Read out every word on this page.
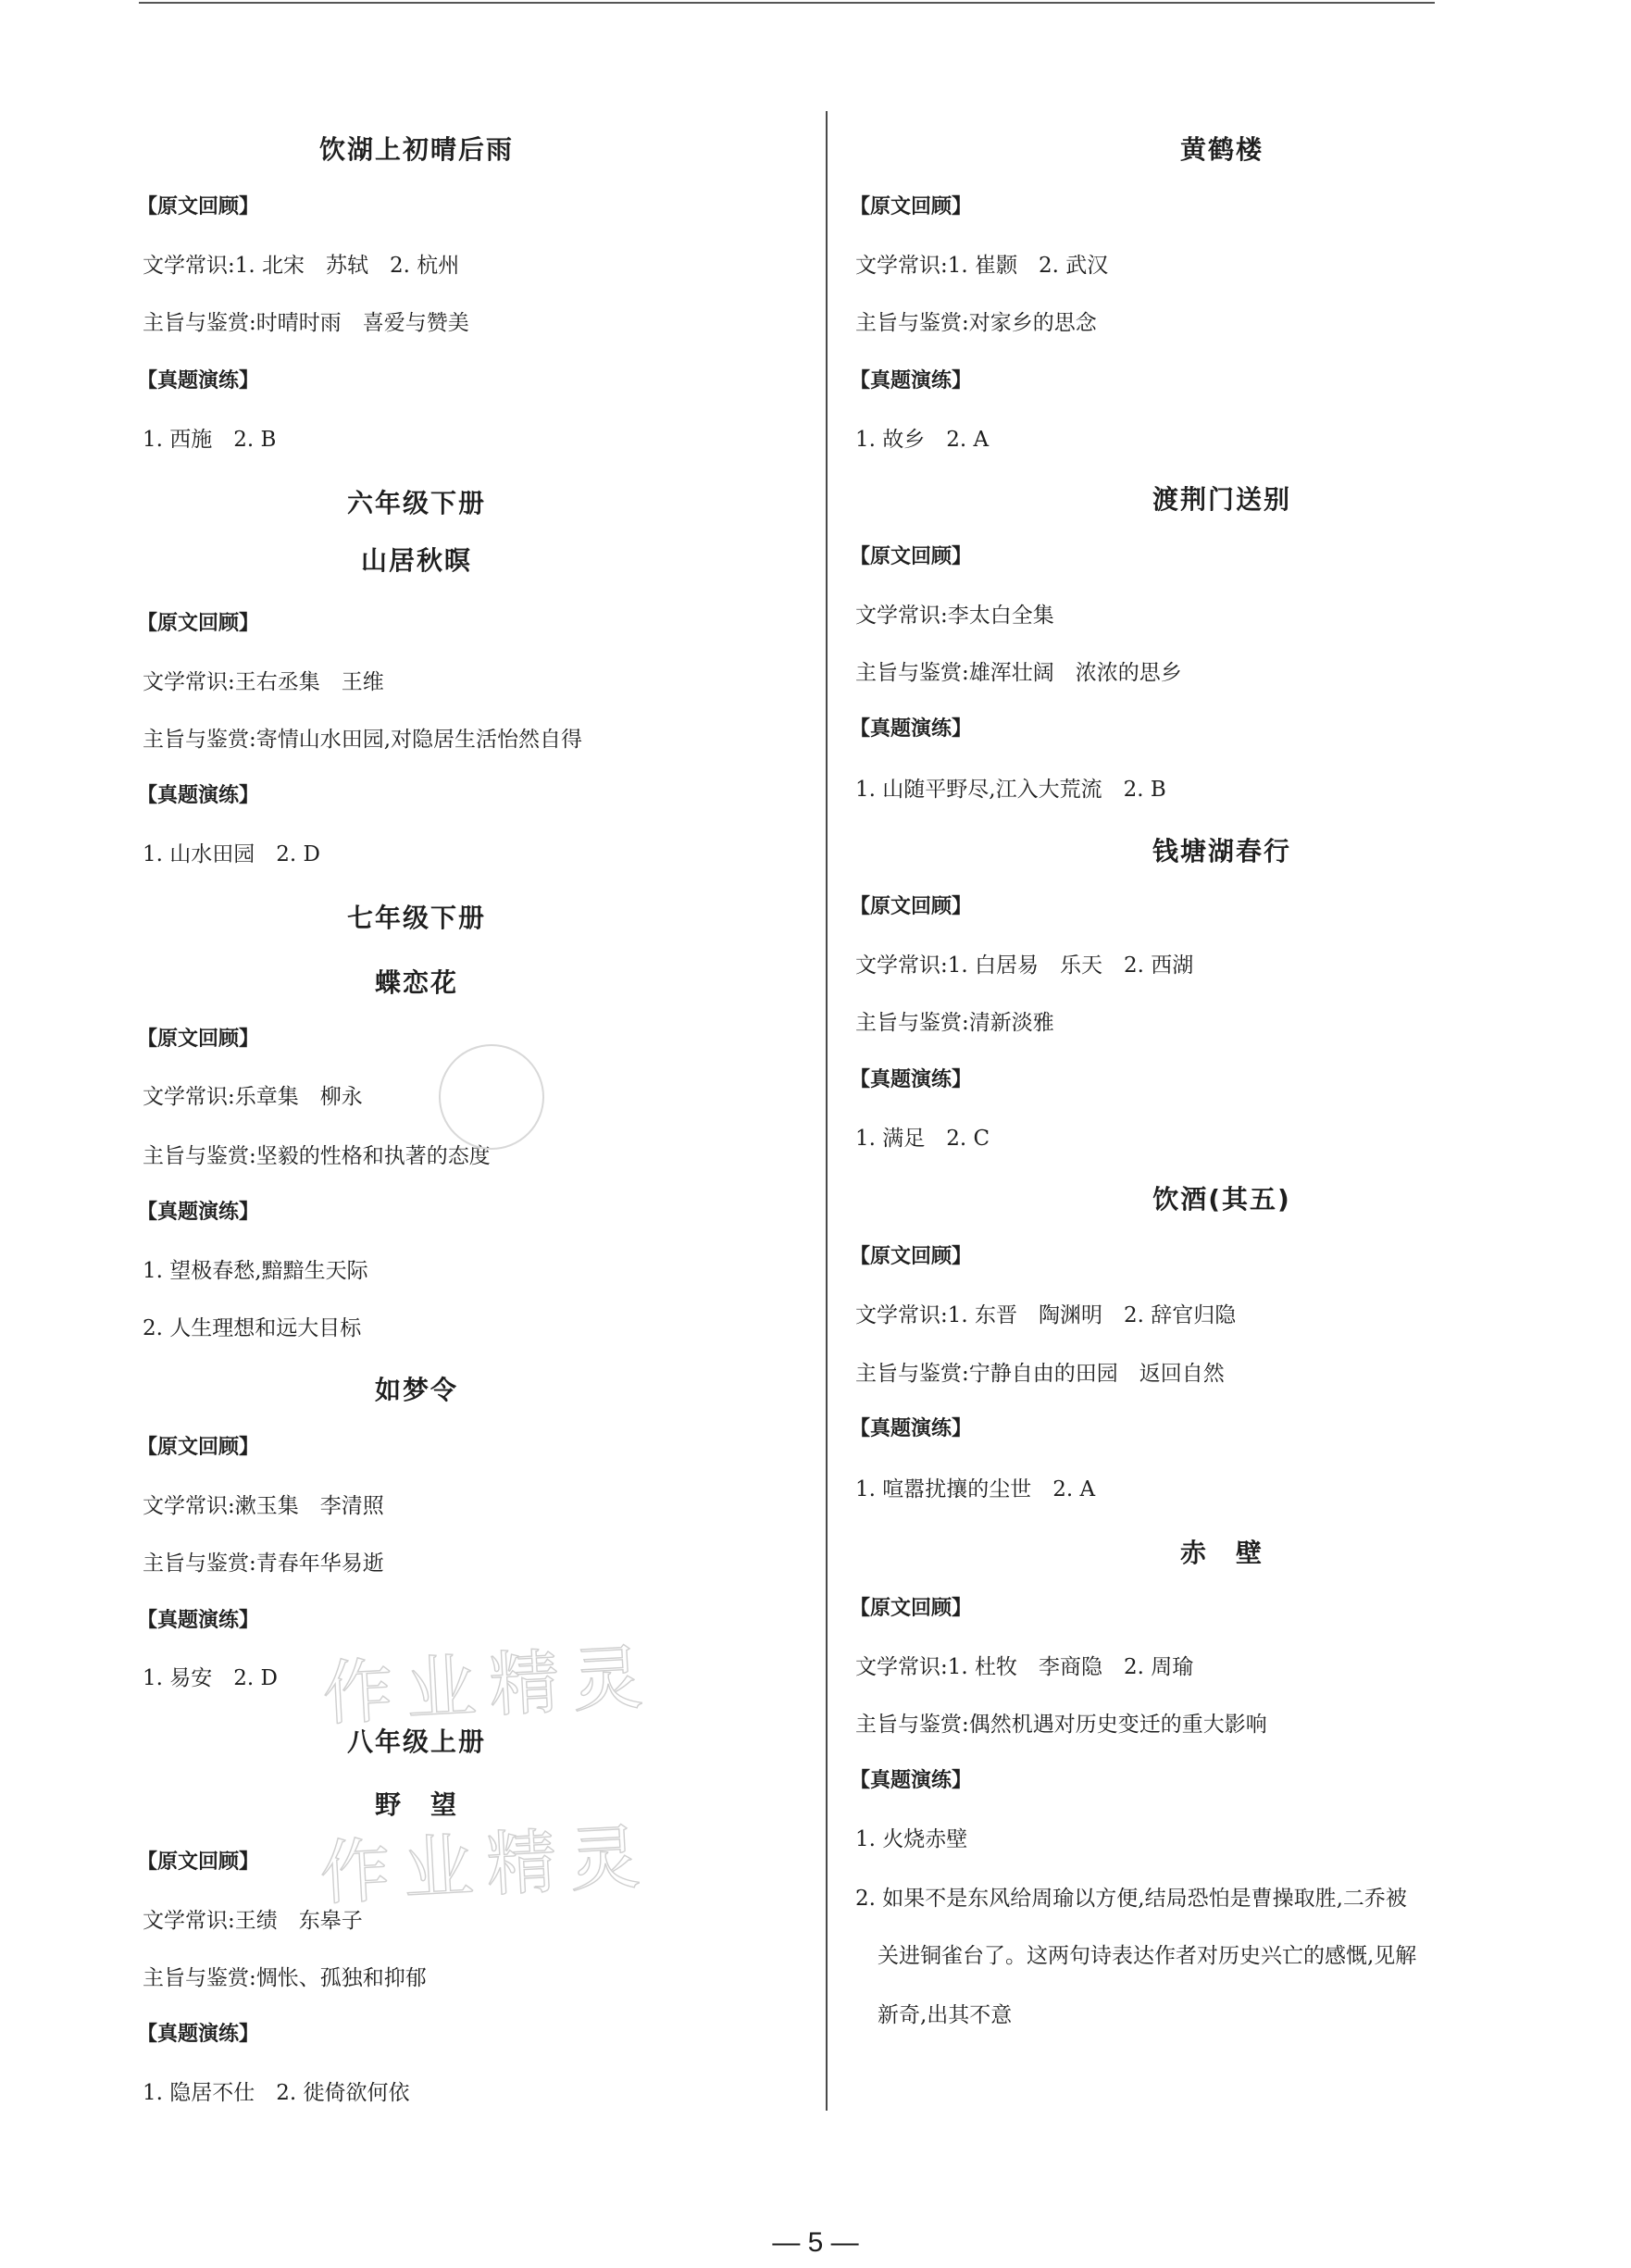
饮湖上初晴后雨
【原文回顾】
文学常识:1. 北宋　苏轼　2. 杭州
主旨与鉴赏:时晴时雨　喜爱与赞美
【真题演练】
1. 西施　2. B
六年级下册
山居秋暝
【原文回顾】
文学常识:王右丞集　王维
主旨与鉴赏:寄情山水田园,对隐居生活怡然自得
【真题演练】
1. 山水田园　2. D
七年级下册
蝶恋花
【原文回顾】
文学常识:乐章集　柳永
主旨与鉴赏:坚毅的性格和执著的态度
【真题演练】
1. 望极春愁,黯黯生天际
2. 人生理想和远大目标
如梦令
【原文回顾】
文学常识:漱玉集　李清照
主旨与鉴赏:青春年华易逝
【真题演练】
1. 易安　2. D
八年级上册
野　望
【原文回顾】
文学常识:王绩　东皋子
主旨与鉴赏:惆怅、孤独和抑郁
【真题演练】
1. 隐居不仕　2. 徙倚欲何依
黄鹤楼
【原文回顾】
文学常识:1. 崔颢　2. 武汉
主旨与鉴赏:对家乡的思念
【真题演练】
1. 故乡　2. A
渡荆门送别
【原文回顾】
文学常识:李太白全集
主旨与鉴赏:雄浑壮阔　浓浓的思乡
【真题演练】
1. 山随平野尽,江入大荒流　2. B
钱塘湖春行
【原文回顾】
文学常识:1. 白居易　乐天　2. 西湖
主旨与鉴赏:清新淡雅
【真题演练】
1. 满足　2. C
饮酒(其五)
【原文回顾】
文学常识:1. 东晋　陶渊明　2. 辞官归隐
主旨与鉴赏:宁静自由的田园　返回自然
【真题演练】
1. 喧嚣扰攘的尘世　2. A
赤　壁
【原文回顾】
文学常识:1. 杜牧　李商隐　2. 周瑜
主旨与鉴赏:偶然机遇对历史变迁的重大影响
【真题演练】
1. 火烧赤壁
2. 如果不是东风给周瑜以方便,结局恐怕是曹操取胜,二乔被
关进铜雀台了。这两句诗表达作者对历史兴亡的感慨,见解
新奇,出其不意
作业精灵
作业精灵
— 5 —
